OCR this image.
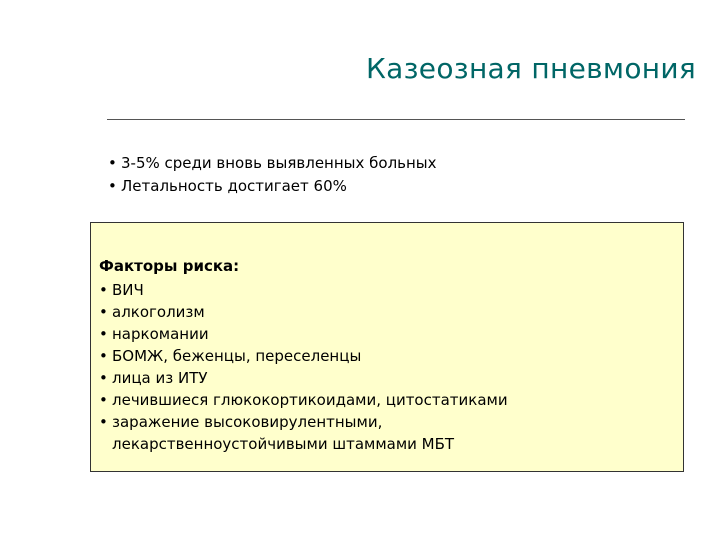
Казеозная пневмония
• 3-5% среди вновь выявленных больных
• Летальность достигает 60%
Факторы риска:
• ВИЧ
• алкоголизм
• наркомании
• БОМЖ, беженцы, переселенцы
• лица из ИТУ
• лечившиеся глюкокортикоидами, цитостатиками
• заражение высоковирулентными,
лекарственноустойчивыми штаммами МБТ
